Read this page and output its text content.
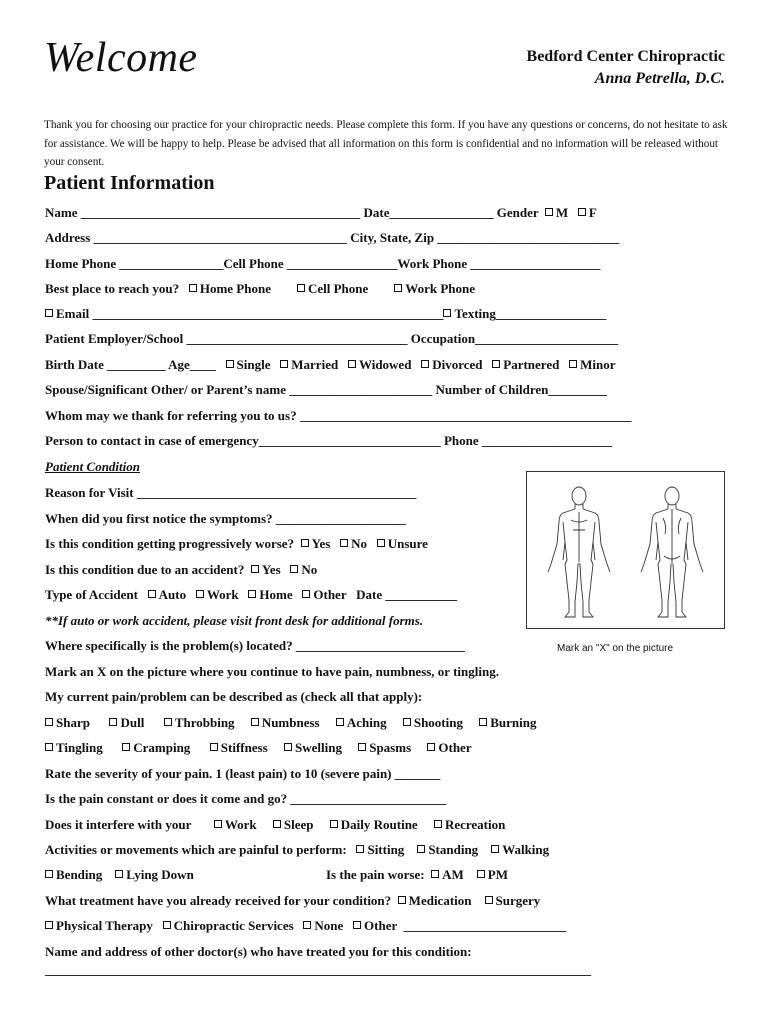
Welcome	Bedford Center Chiropractic
Anna Petrella, D.C.
Thank you for choosing our practice for your chiropractic needs. Please complete this form. If you have any questions or concerns, do not hesitate to ask for assistance. We will be happy to help. Please be advised that all information on this form is confidential and no information will be released without your consent.
Patient Information
Name ___________________________________________ Date________________ Gender M F
Address _______________________________________ City, State, Zip ____________________________
Home Phone ________________Cell Phone _________________Work Phone ____________________
Best place to reach you? Home Phone	Cell Phone	Work Phone
Email ______________________________________________________ Texting_________________
Patient Employer/School __________________________________ Occupation______________________
Birth Date _________ Age____ Single Married Widowed Divorced Partnered Minor
Spouse/Significant Other/ or Parent’s name ______________________ Number of Children_________
Whom may we thank for referring you to us? ___________________________________________________
Person to contact in case of emergency____________________________ Phone ____________________
Patient Condition
Reason for Visit ___________________________________________
When did you first notice the symptoms? ____________________
Is this condition getting progressively worse? Yes No Unsure
Is this condition due to an accident? Yes No
Type of Accident Auto Work Home Other Date ___________
**If auto or work accident, please visit front desk for additional forms.
Where specifically is the problem(s) located? __________________________
Mark an X on the picture where you continue to have pain, numbness, or tingling.
My current pain/problem can be described as (check all that apply):
Sharp Dull Throbbing Numbness Aching Shooting Burning
Tingling Cramping Stiffness Swelling Spasms Other
Rate the severity of your pain. 1 (least pain) to 10 (severe pain) _______
Is the pain constant or does it come and go? ________________________
Does it interfere with your	Work Sleep Daily Routine Recreation
Activities or movements which are painful to perform: Sitting Standing Walking
Bending Lying Down	Is the pain worse: AM PM
What treatment have you already received for your condition? Medication Surgery
Physical Therapy Chiropractic Services None Other _________________________
Name and address of other doctor(s) who have treated you for this condition:
____________________________________________________________________________________
Mark an "X" on the picture
